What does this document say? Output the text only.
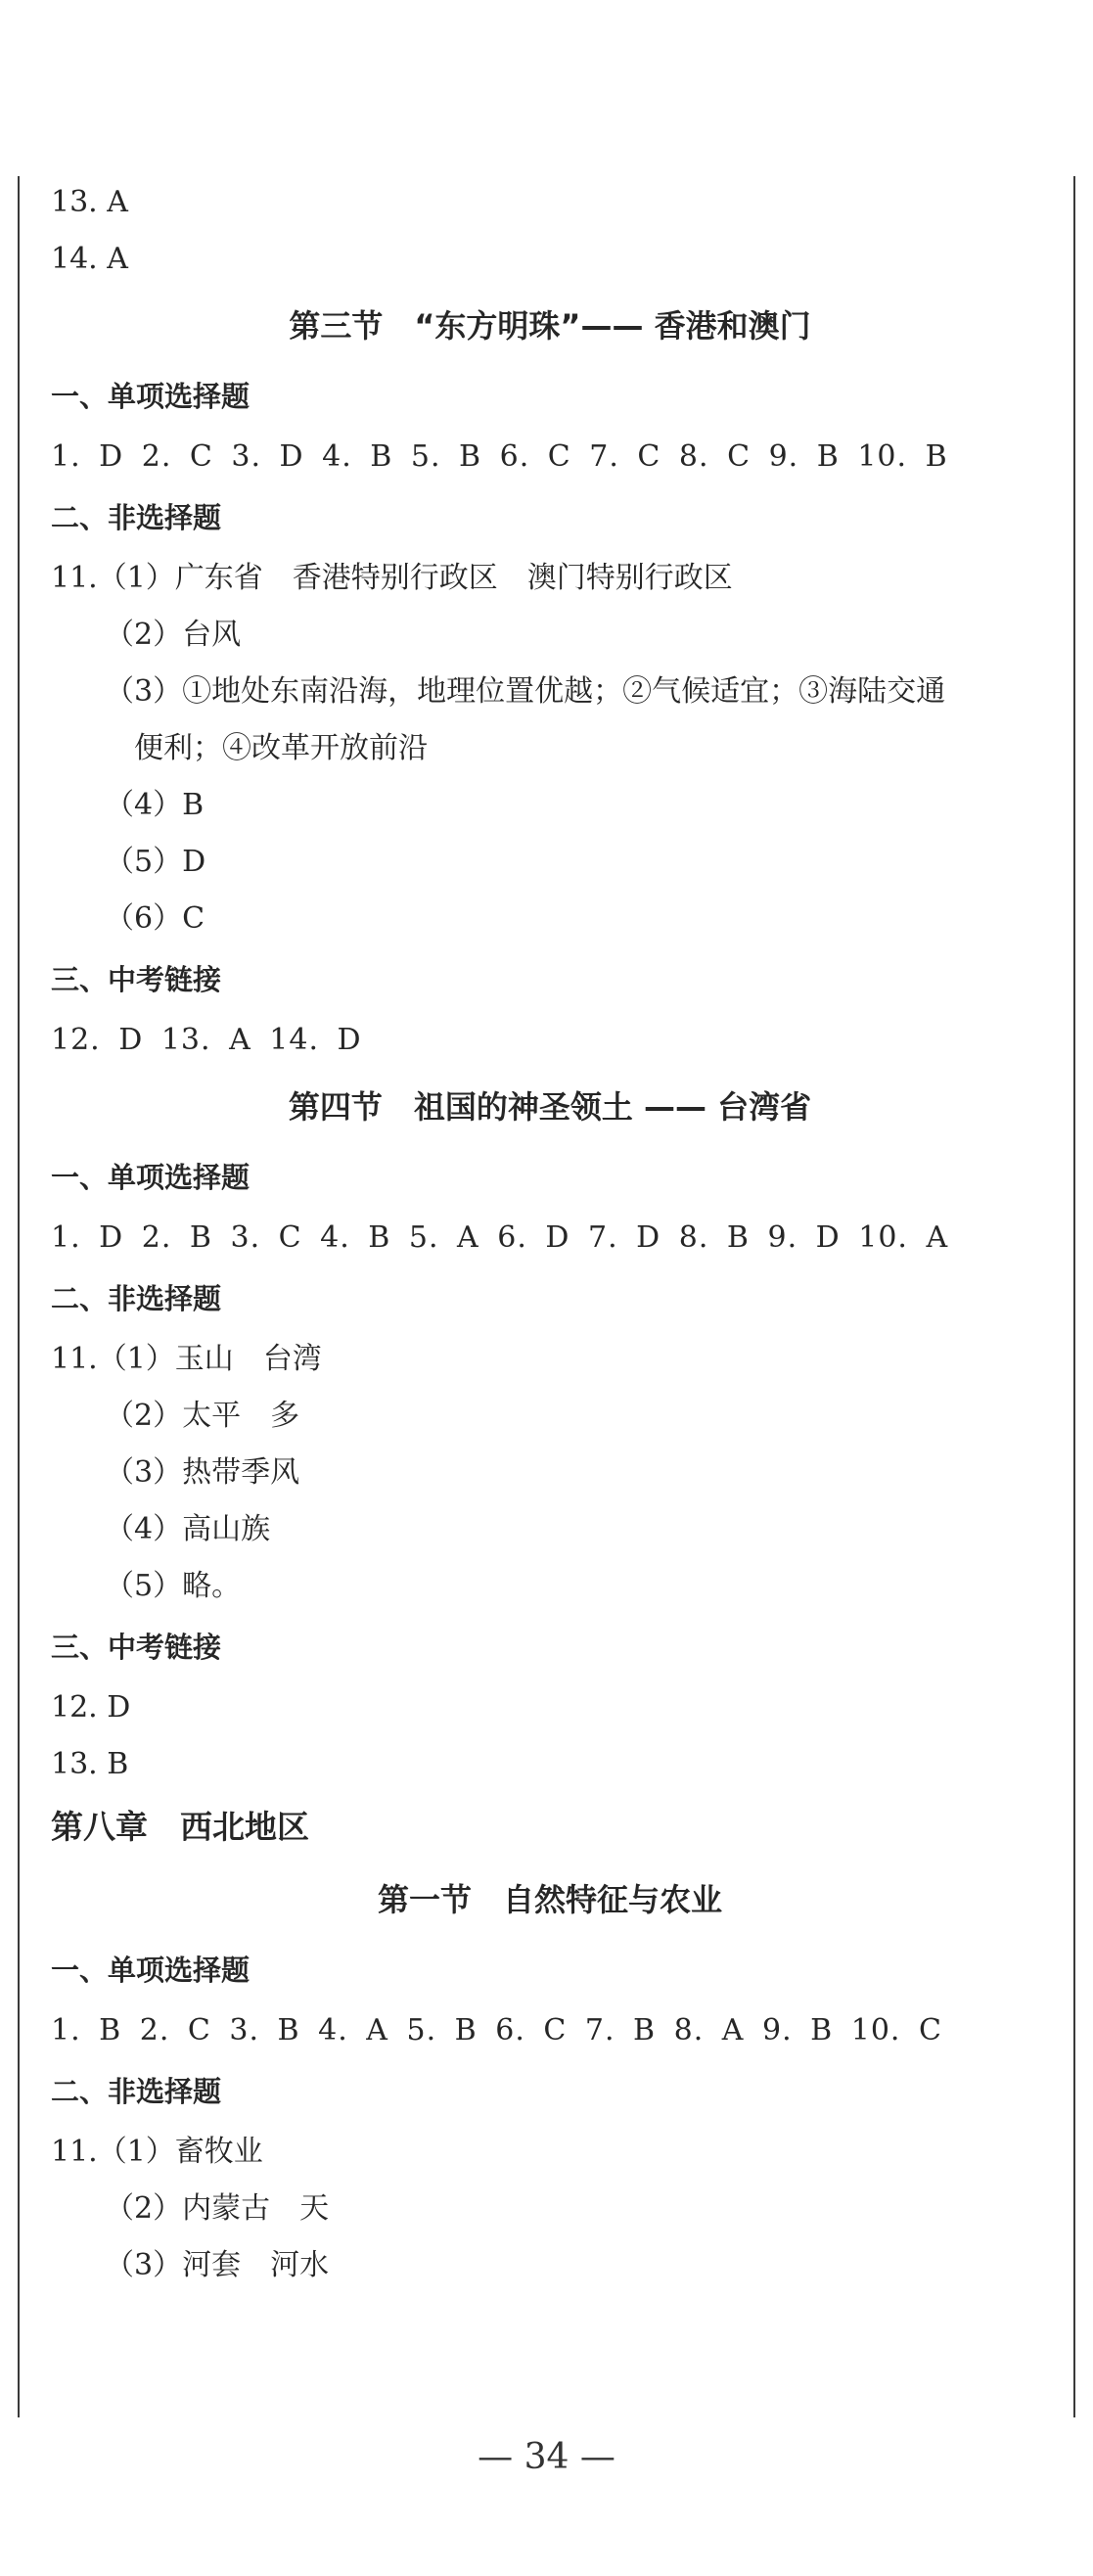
13. A
14. A
第三节　“东方明珠”—— 香港和澳门
一、单项选择题
1. D 2. C 3. D 4. B 5. B 6. C 7. C 8. C 9. B 10. B
二、非选择题
11.（1）广东省　香港特别行政区　澳门特别行政区
（2）台风
（3）①地处东南沿海，地理位置优越；②气候适宜；③海陆交通
便利；④改革开放前沿
（4）B
（5）D
（6）C
三、中考链接
12. D 13. A 14. D
第四节　祖国的神圣领土 —— 台湾省
一、单项选择题
1. D 2. B 3. C 4. B 5. A 6. D 7. D 8. B 9. D 10. A
二、非选择题
11.（1）玉山　台湾
（2）太平　多
（3）热带季风
（4）高山族
（5）略。
三、中考链接
12. D
13. B
第八章　西北地区
第一节　自然特征与农业
一、单项选择题
1. B 2. C 3. B 4. A 5. B 6. C 7. B 8. A 9. B 10. C
二、非选择题
11.（1）畜牧业
（2）内蒙古　天
（3）河套　河水
— 34 —
